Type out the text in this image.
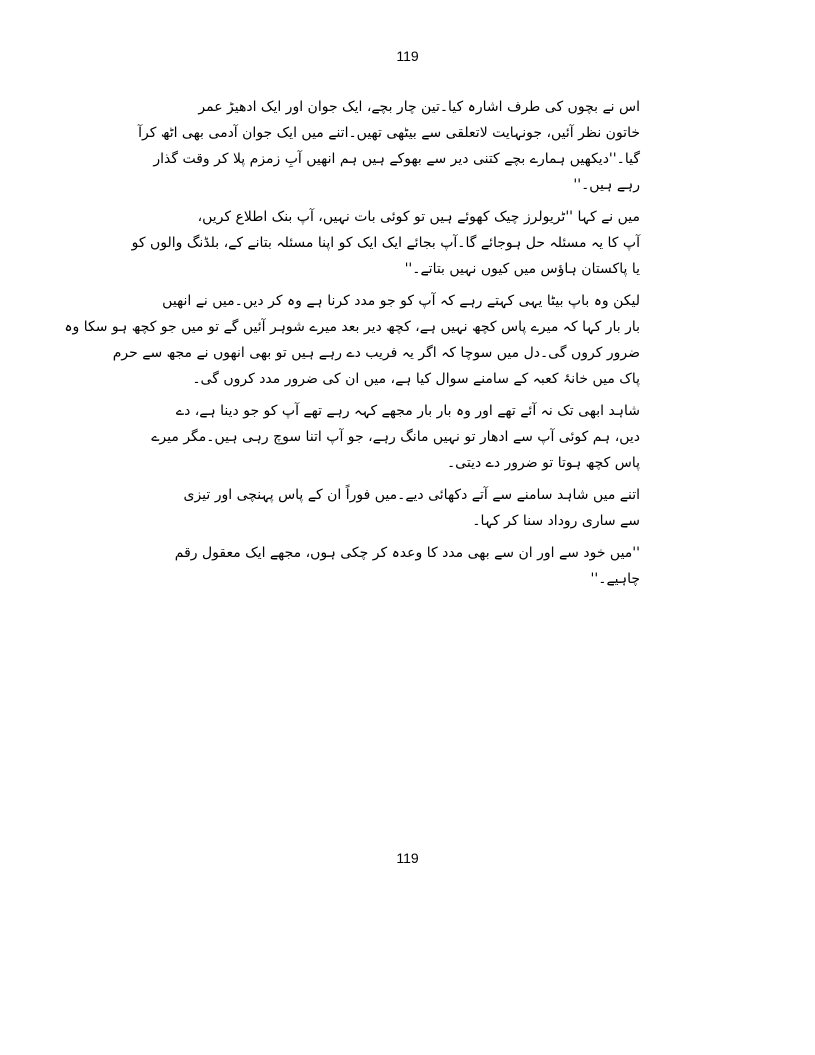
119
اس نے بچوں کی طرف اشارہ کیا۔تین چار بچے، ایک جوان اور ایک ادھیڑ عمر
خاتون نظر آئیں، جونہایت لاتعلقی سے بیٹھی تھیں۔اتنے میں ایک جوان آدمی بھی اٹھ کرآ
گیا۔''دیکھیں ہمارے بچے کتنی دیر سے بھوکے ہیں ہم انھیں آبِ زمزم پلا کر وقت گذار
رہے ہیں۔''
میں نے کہا ''ٹریولرز چیک کھوئے ہیں تو کوئی بات نہیں، آپ بنک اطلاع کریں،
آپ کا یہ مسئلہ حل ہوجائے گا۔آپ بجائے ایک ایک کو اپنا مسئلہ بتانے کے، بلڈنگ والوں کو
یا پاکستان ہاؤس میں کیوں نہیں بتاتے۔''
لیکن وہ باپ بیٹا یہی کہتے رہے کہ آپ کو جو مدد کرنا ہے وہ کر دیں۔میں نے انھیں
بار بار کہا کہ میرے پاس کچھ نہیں ہے، کچھ دیر بعد میرے شوہر آئیں گے تو میں جو کچھ ہو سکا وہ
ضرور کروں گی۔دل میں سوچا کہ اگر یہ فریب دے رہے ہیں تو بھی انھوں نے مجھ سے حرم
پاک میں خانۂ کعبہ کے سامنے سوال کیا ہے، میں ان کی ضرور مدد کروں گی۔
شاہد ابھی تک نہ آئے تھے اور وہ بار بار مجھے کہہ رہے تھے آپ کو جو دینا ہے، دے
دیں، ہم کوئی آپ سے ادھار تو نہیں مانگ رہے، جو آپ اتنا سوچ رہی ہیں۔مگر میرے
پاس کچھ ہوتا تو ضرور دے دیتی۔
اتنے میں شاہد سامنے سے آتے دکھائی دیے۔میں فوراً ان کے پاس پہنچی اور تیزی
سے ساری روداد سنا کر کہا۔
''میں خود سے اور ان سے بھی مدد کا وعدہ کر چکی ہوں، مجھے ایک معقول رقم
چاہیے۔''
119
